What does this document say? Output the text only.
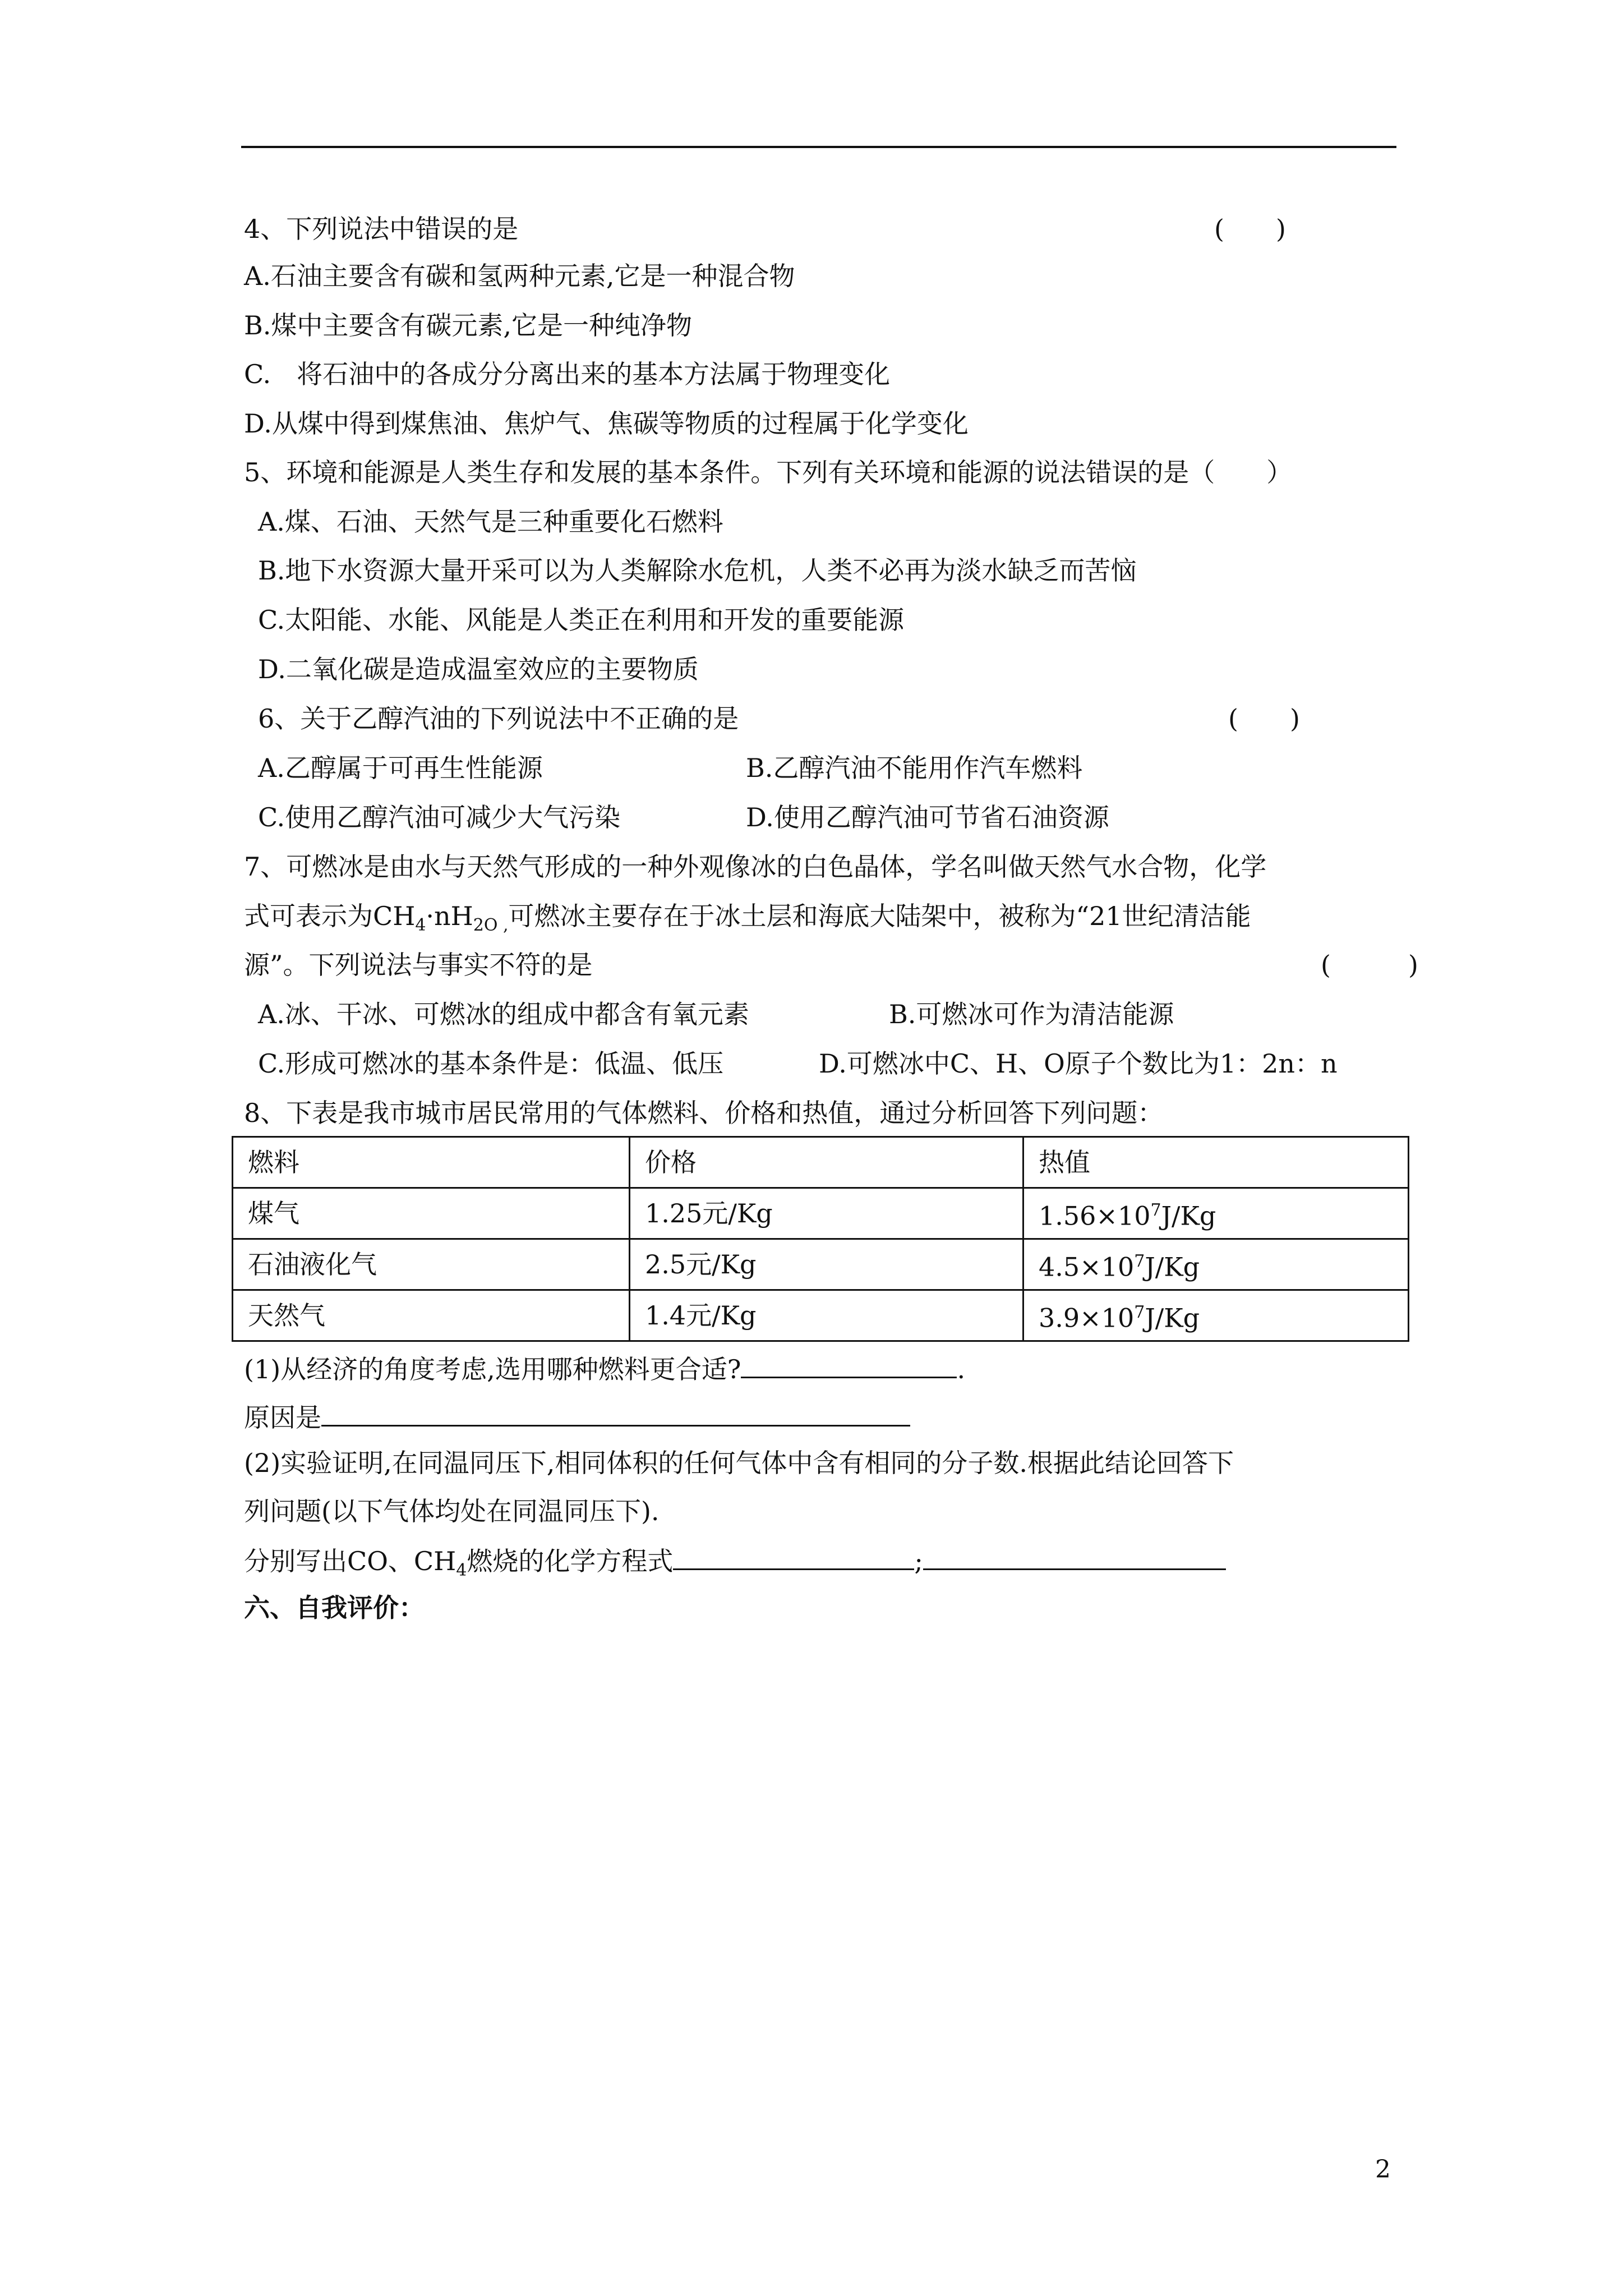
4、下列说法中错误的是	(　　)
A.石油主要含有碳和氢两种元素,它是一种混合物
B.煤中主要含有碳元素,它是一种纯净物
C.　将石油中的各成分分离出来的基本方法属于物理变化
D.从煤中得到煤焦油、焦炉气、焦碳等物质的过程属于化学变化
5、环境和能源是人类生存和发展的基本条件。下列有关环境和能源的说法错误的是（　　）
A.煤、石油、天然气是三种重要化石燃料
B.地下水资源大量开采可以为人类解除水危机，人类不必再为淡水缺乏而苦恼
C.太阳能、水能、风能是人类正在利用和开发的重要能源
D.二氧化碳是造成温室效应的主要物质
6、关于乙醇汽油的下列说法中不正确的是	(　　)
A.乙醇属于可再生性能源	B.乙醇汽油不能用作汽车燃料
C.使用乙醇汽油可减少大气污染	D.使用乙醇汽油可节省石油资源
7、可燃冰是由水与天然气形成的一种外观像冰的白色晶体，学名叫做天然气水合物，化学
式可表示为$CH_4\cdot nH_{2O ,}$可燃冰主要存在于冰土层和海底大陆架中，被称为“21世纪清洁能
源”。下列说法与事实不符的是	(　　　)
A.冰、干冰、可燃冰的组成中都含有氧元素	B.可燃冰可作为清洁能源
C.形成可燃冰的基本条件是：低温、低压	D.可燃冰中C、H、O原子个数比为1：2n：n
8、下表是我市城市居民常用的气体燃料、价格和热值，通过分析回答下列问题：
燃料	价格	热值
煤气	1.25元/Kg	$1.56\times 10^7J/Kg$
石油液化气	2.5元/Kg	$4.5\times 10^7J/Kg$
天然气	1.4元/Kg	$3.9\times 10^7J/Kg$
(1)从经济的角度考虑,选用哪种燃料更合适?	.
原因是
(2)实验证明,在同温同压下,相同体积的任何气体中含有相同的分子数.根据此结论回答下
列问题(以下气体均处在同温同压下).
分别写出CO、$CH_4$燃烧的化学方程式	;
六、自我评价：
2
